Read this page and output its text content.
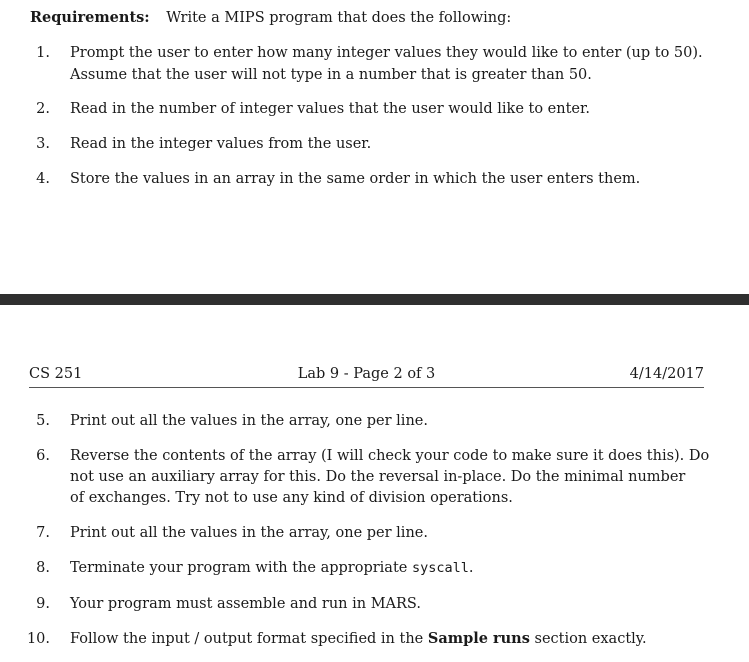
Requirements: Write a MIPS program that does the following:
1. Prompt the user to enter how many integer values they would like to enter (up to 50).
Assume that the user will not type in a number that is greater than 50.
2. Read in the number of integer values that the user would like to enter.
3. Read in the integer values from the user.
4. Store the values in an array in the same order in which the user enters them.
CS 251	Lab 9 - Page 2 of 3	4/14/2017
5. Print out all the values in the array, one per line.
6. Reverse the contents of the array (I will check your code to make sure it does this). Do
not use an auxiliary array for this. Do the reversal in-place. Do the minimal number
of exchanges. Try not to use any kind of division operations.
7. Print out all the values in the array, one per line.
8. Terminate your program with the appropriate syscall.
9. Your program must assemble and run in MARS.
10. Follow the input / output format specified in the Sample runs section exactly.
